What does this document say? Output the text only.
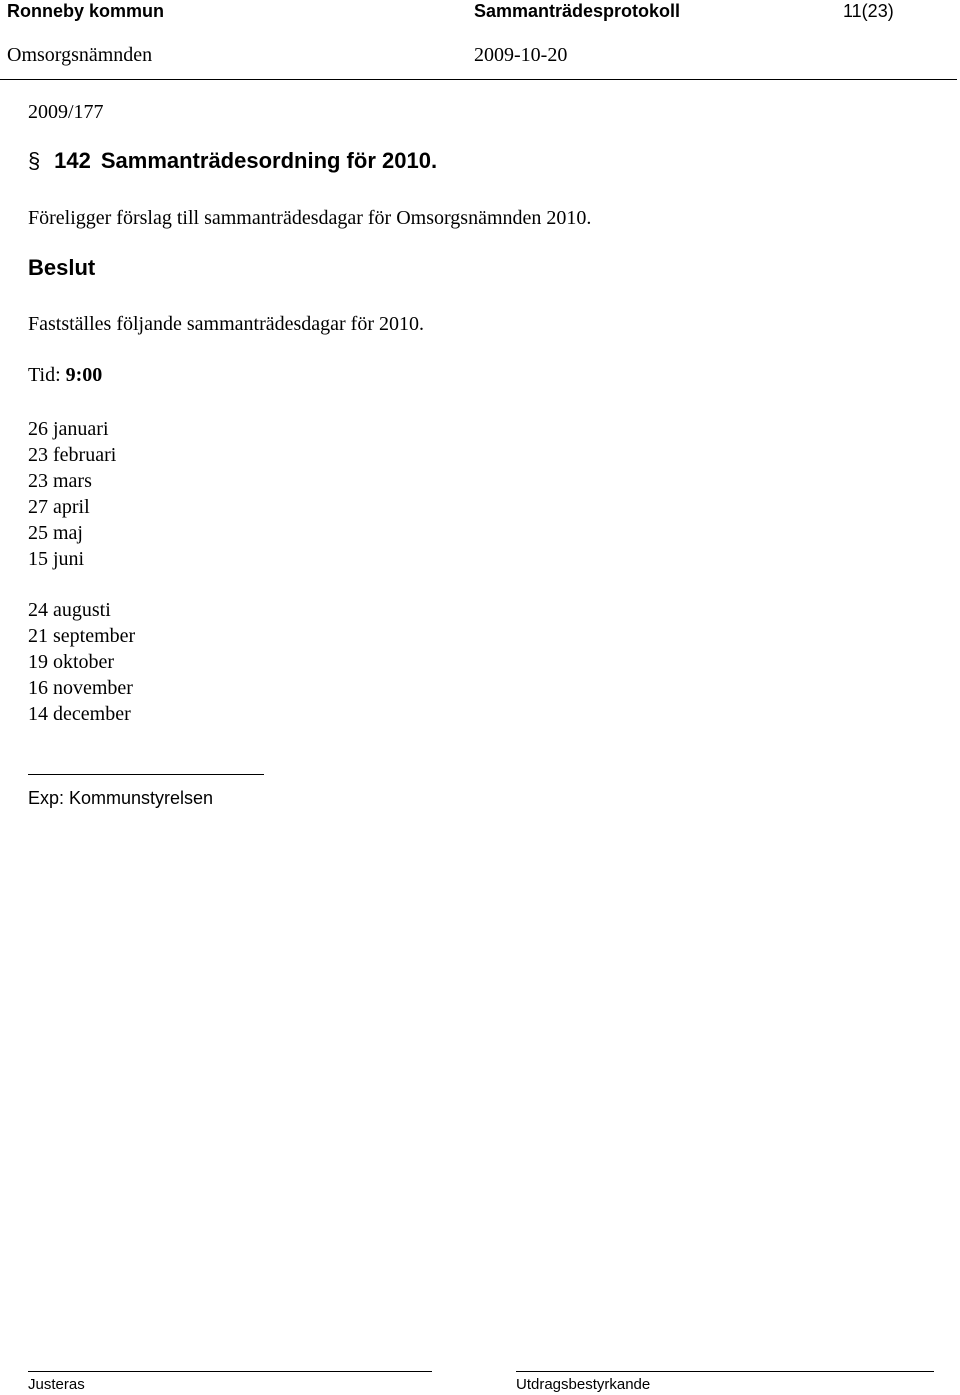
Ronneby kommun	Sammanträdesprotokoll	11(23)
Omsorgsnämnden	2009-10-20
2009/177
§ 142 Sammanträdesordning för 2010.
Föreligger förslag till sammanträdesdagar för Omsorgsnämnden 2010.
Beslut
Fastställes följande sammanträdesdagar för 2010.
Tid: 9:00
26 januari
23 februari
23 mars
27 april
25 maj
15 juni
24 augusti
21 september
19 oktober
16 november
14 december
Exp: Kommunstyrelsen
Justeras	Utdragsbestyrkande
